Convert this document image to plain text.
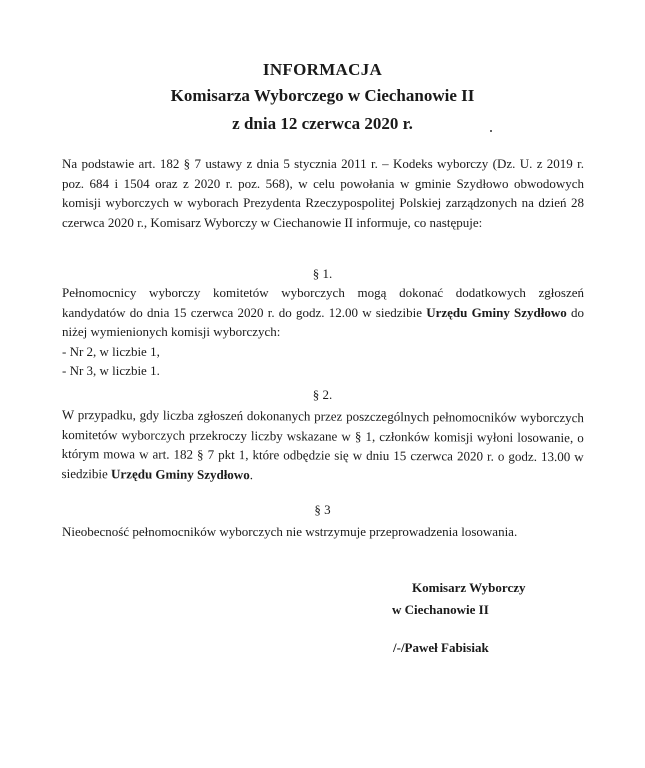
INFORMACJA
Komisarza Wyborczego w Ciechanowie II
z dnia 12 czerwca 2020 r.
Na podstawie art. 182 § 7 ustawy z dnia 5 stycznia 2011 r. – Kodeks wyborczy (Dz. U. z 2019 r. poz. 684 i 1504 oraz z 2020 r. poz. 568), w celu powołania w gminie Szydłowo obwodowych komisji wyborczych w wyborach Prezydenta Rzeczypospolitej Polskiej zarządzonych na dzień 28 czerwca 2020 r., Komisarz Wyborczy w Ciechanowie II informuje, co następuje:
§ 1.
Pełnomocnicy wyborczy komitetów wyborczych mogą dokonać dodatkowych zgłoszeń kandydatów do dnia 15 czerwca 2020 r. do godz. 12.00 w siedzibie Urzędu Gminy Szydłowo do niżej wymienionych komisji wyborczych:
- Nr 2, w liczbie 1,
- Nr 3, w liczbie 1.
§ 2.
W przypadku, gdy liczba zgłoszeń dokonanych przez poszczególnych pełnomocników wyborczych komitetów wyborczych przekroczy liczby wskazane w § 1, członków komisji wyłoni losowanie, o którym mowa w art. 182 § 7 pkt 1, które odbędzie się w dniu 15 czerwca 2020 r. o godz. 13.00 w siedzibie Urzędu Gminy Szydłowo.
§ 3
Nieobecność pełnomocników wyborczych nie wstrzymuje przeprowadzenia losowania.
Komisarz Wyborczy
w Ciechanowie II
/-/Paweł Fabisiak
